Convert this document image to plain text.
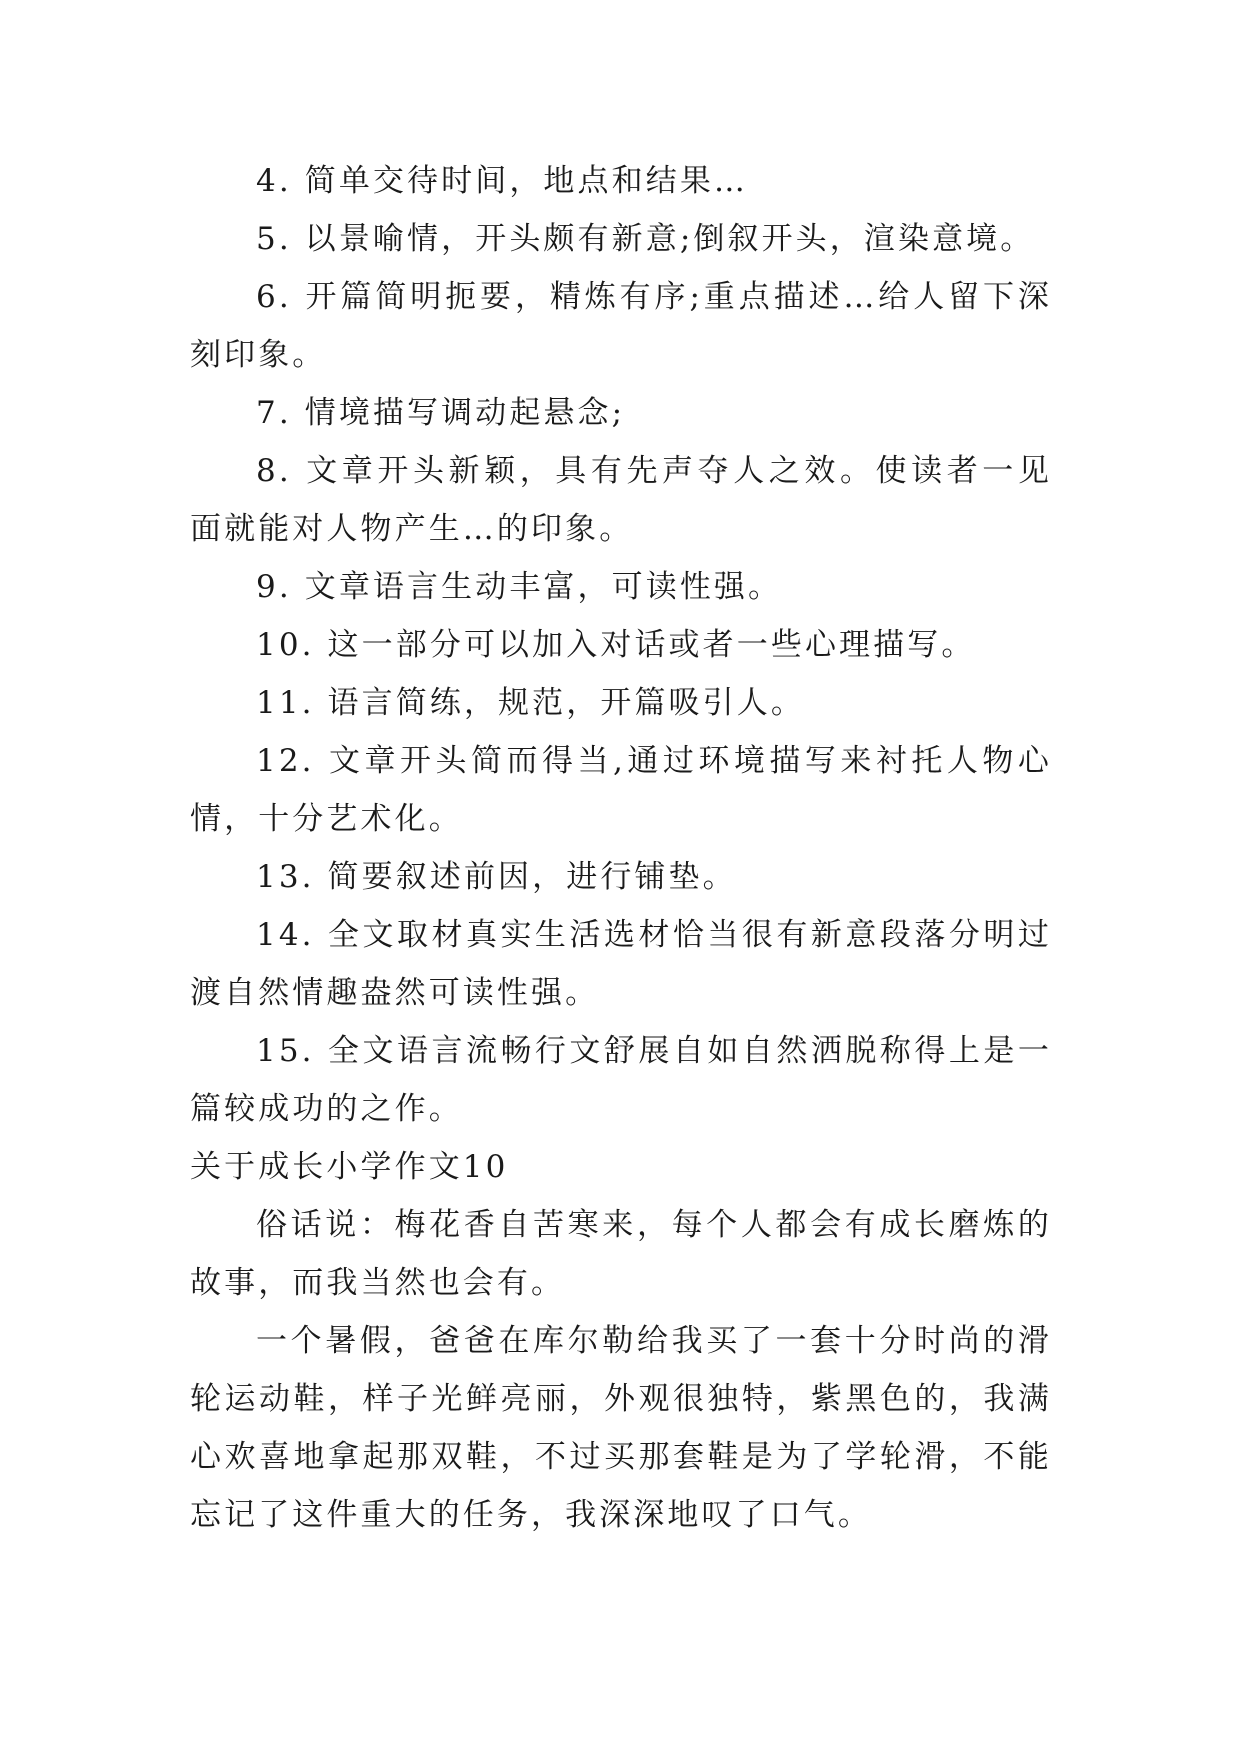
4. 简单交待时间，地点和结果…

5. 以景喻情，开头颇有新意;倒叙开头，渲染意境。

6. 开篇简明扼要，精炼有序;重点描述…给人留下深刻印象。

7. 情境描写调动起悬念;

8. 文章开头新颖，具有先声夺人之效。使读者一见面就能对人物产生…的印象。

9. 文章语言生动丰富，可读性强。

10. 这一部分可以加入对话或者一些心理描写。

11. 语言简练，规范，开篇吸引人。

12. 文章开头简而得当,通过环境描写来衬托人物心情，十分艺术化。

13. 简要叙述前因，进行铺垫。

14. 全文取材真实生活选材恰当很有新意段落分明过渡自然情趣盎然可读性强。

15. 全文语言流畅行文舒展自如自然洒脱称得上是一篇较成功的之作。

关于成长小学作文10

俗话说：梅花香自苦寒来，每个人都会有成长磨炼的故事，而我当然也会有。

一个暑假，爸爸在库尔勒给我买了一套十分时尚的滑轮运动鞋，样子光鲜亮丽，外观很独特，紫黑色的，我满心欢喜地拿起那双鞋，不过买那套鞋是为了学轮滑，不能忘记了这件重大的任务，我深深地叹了口气。
